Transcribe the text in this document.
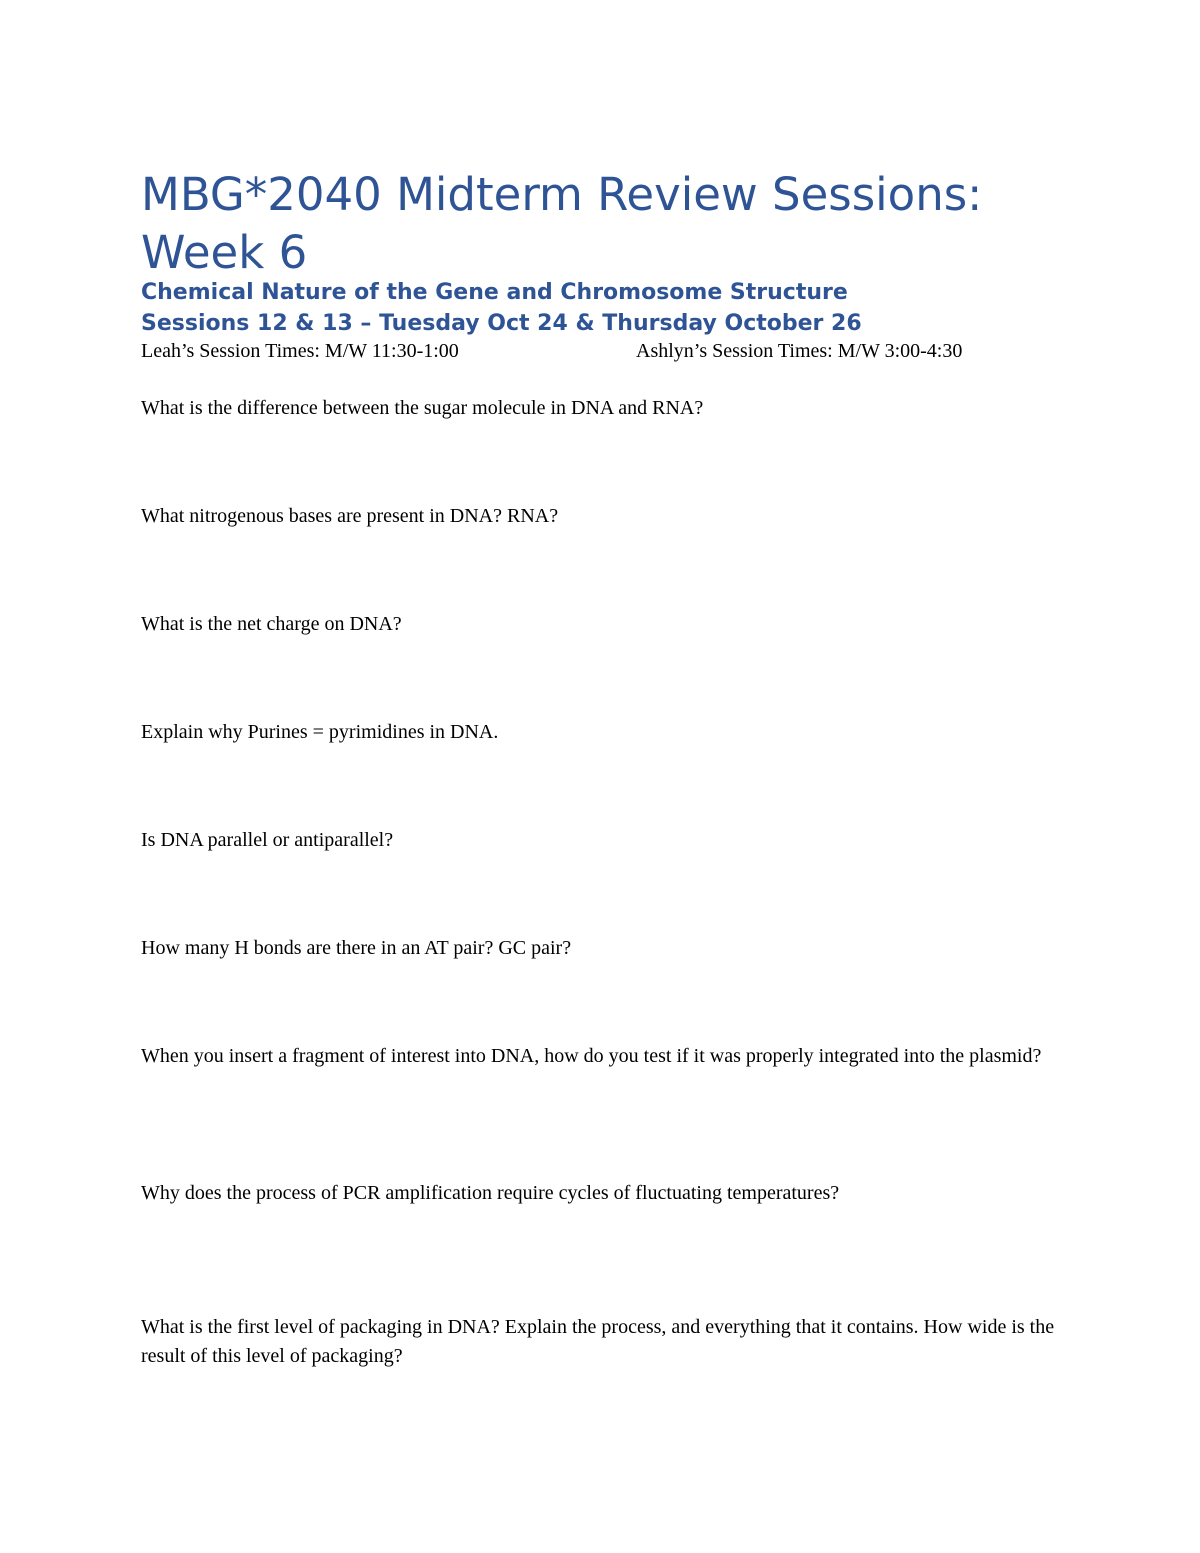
MBG*2040 Midterm Review Sessions: Week 6
Chemical Nature of the Gene and Chromosome Structure
Sessions 12 & 13 – Tuesday Oct 24 & Thursday October 26
Leah’s Session Times: M/W 11:30-1:00	Ashlyn’s Session Times: M/W 3:00-4:30

What is the difference between the sugar molecule in DNA and RNA?

What nitrogenous bases are present in DNA? RNA?

What is the net charge on DNA?

Explain why Purines = pyrimidines in DNA.

Is DNA parallel or antiparallel?

How many H bonds are there in an AT pair? GC pair?

When you insert a fragment of interest into DNA, how do you test if it was properly integrated into the plasmid?

Why does the process of PCR amplification require cycles of fluctuating temperatures?

What is the first level of packaging in DNA? Explain the process, and everything that it contains. How wide is the result of this level of packaging?
